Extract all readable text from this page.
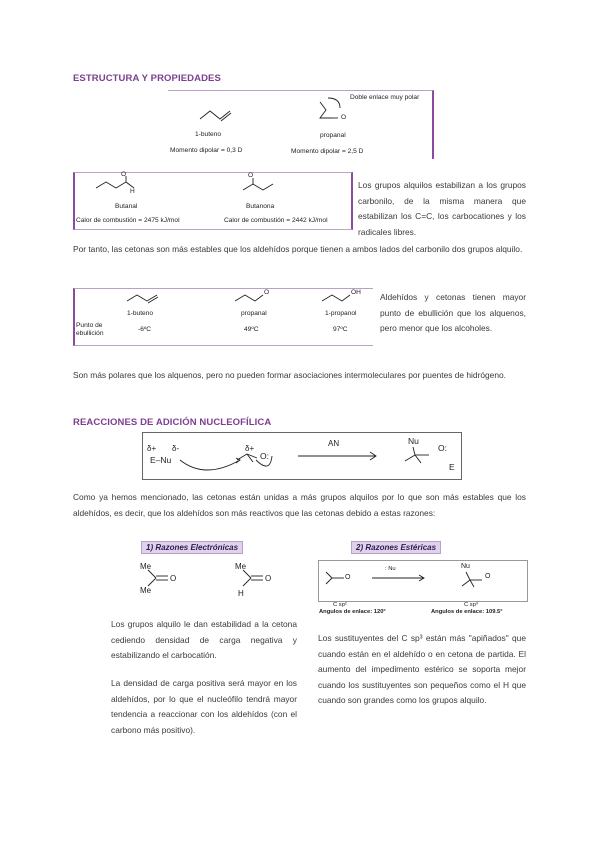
ESTRUCTURA Y PROPIEDADES
1-buteno
Momento dipolar = 0,3 D
O
Doble enlace muy polar
propanal
Momento dipolar = 2,5 D
O
H
Butanal
Calor de combustión = 2475 kJ/mol
O
Butanona
Calor de combustión = 2442 kJ/mol
Los grupos alquilos estabilizan a los grupos carbonilo, de la misma manera que estabilizan los C=C, los carbocationes y los radicales libres.
Por tanto, las cetonas son más estables que los aldehídos porque tienen a ambos lados del carbonilo dos grupos alquilo.
O	OH
1-buteno	propanal	1-propanol
Punto de
ebullición
-6ºC	49ºC	97ºC
Aldehídos y cetonas tienen mayor punto de ebullición que los alquenos, pero menor que los alcoholes.
Son más polares que los alquenos, pero no pueden formar asociaciones intermoleculares por puentes de hidrógeno.
REACCIONES DE ADICIÓN NUCLEOFÍLICA
δ+ δ-
E–Nu
δ+
O:
AN	Nu
O:
E
Como ya hemos mencionado, las cetonas están unidas a más grupos alquilos por lo que son más estables que los aldehídos, es decir, que los aldehídos son más reactivos que las cetonas debido a estas razones:
1) Razones Electrónicas
Me
Me
O
Me
H
O
2) Razones Estéricas
O
: Nu	Nu
O
C sp²
Angulos de enlace: 120°
C sp³
Angulos de enlace: 109.5°
Los grupos alquilo le dan estabilidad a la cetona cediendo densidad de carga negativa y estabilizando el carbocatión.
La densidad de carga positiva será mayor en los aldehídos, por lo que el nucleófilo tendrá mayor tendencia a reaccionar con los aldehídos (con el carbono más positivo).
Los sustituyentes del C sp³ están más "apiñados" que cuando están en el aldehído o en cetona de partida. El aumento del impedimento estérico se soporta mejor cuando los sustituyentes son pequeños como el H que cuando son grandes como los grupos alquilo.
